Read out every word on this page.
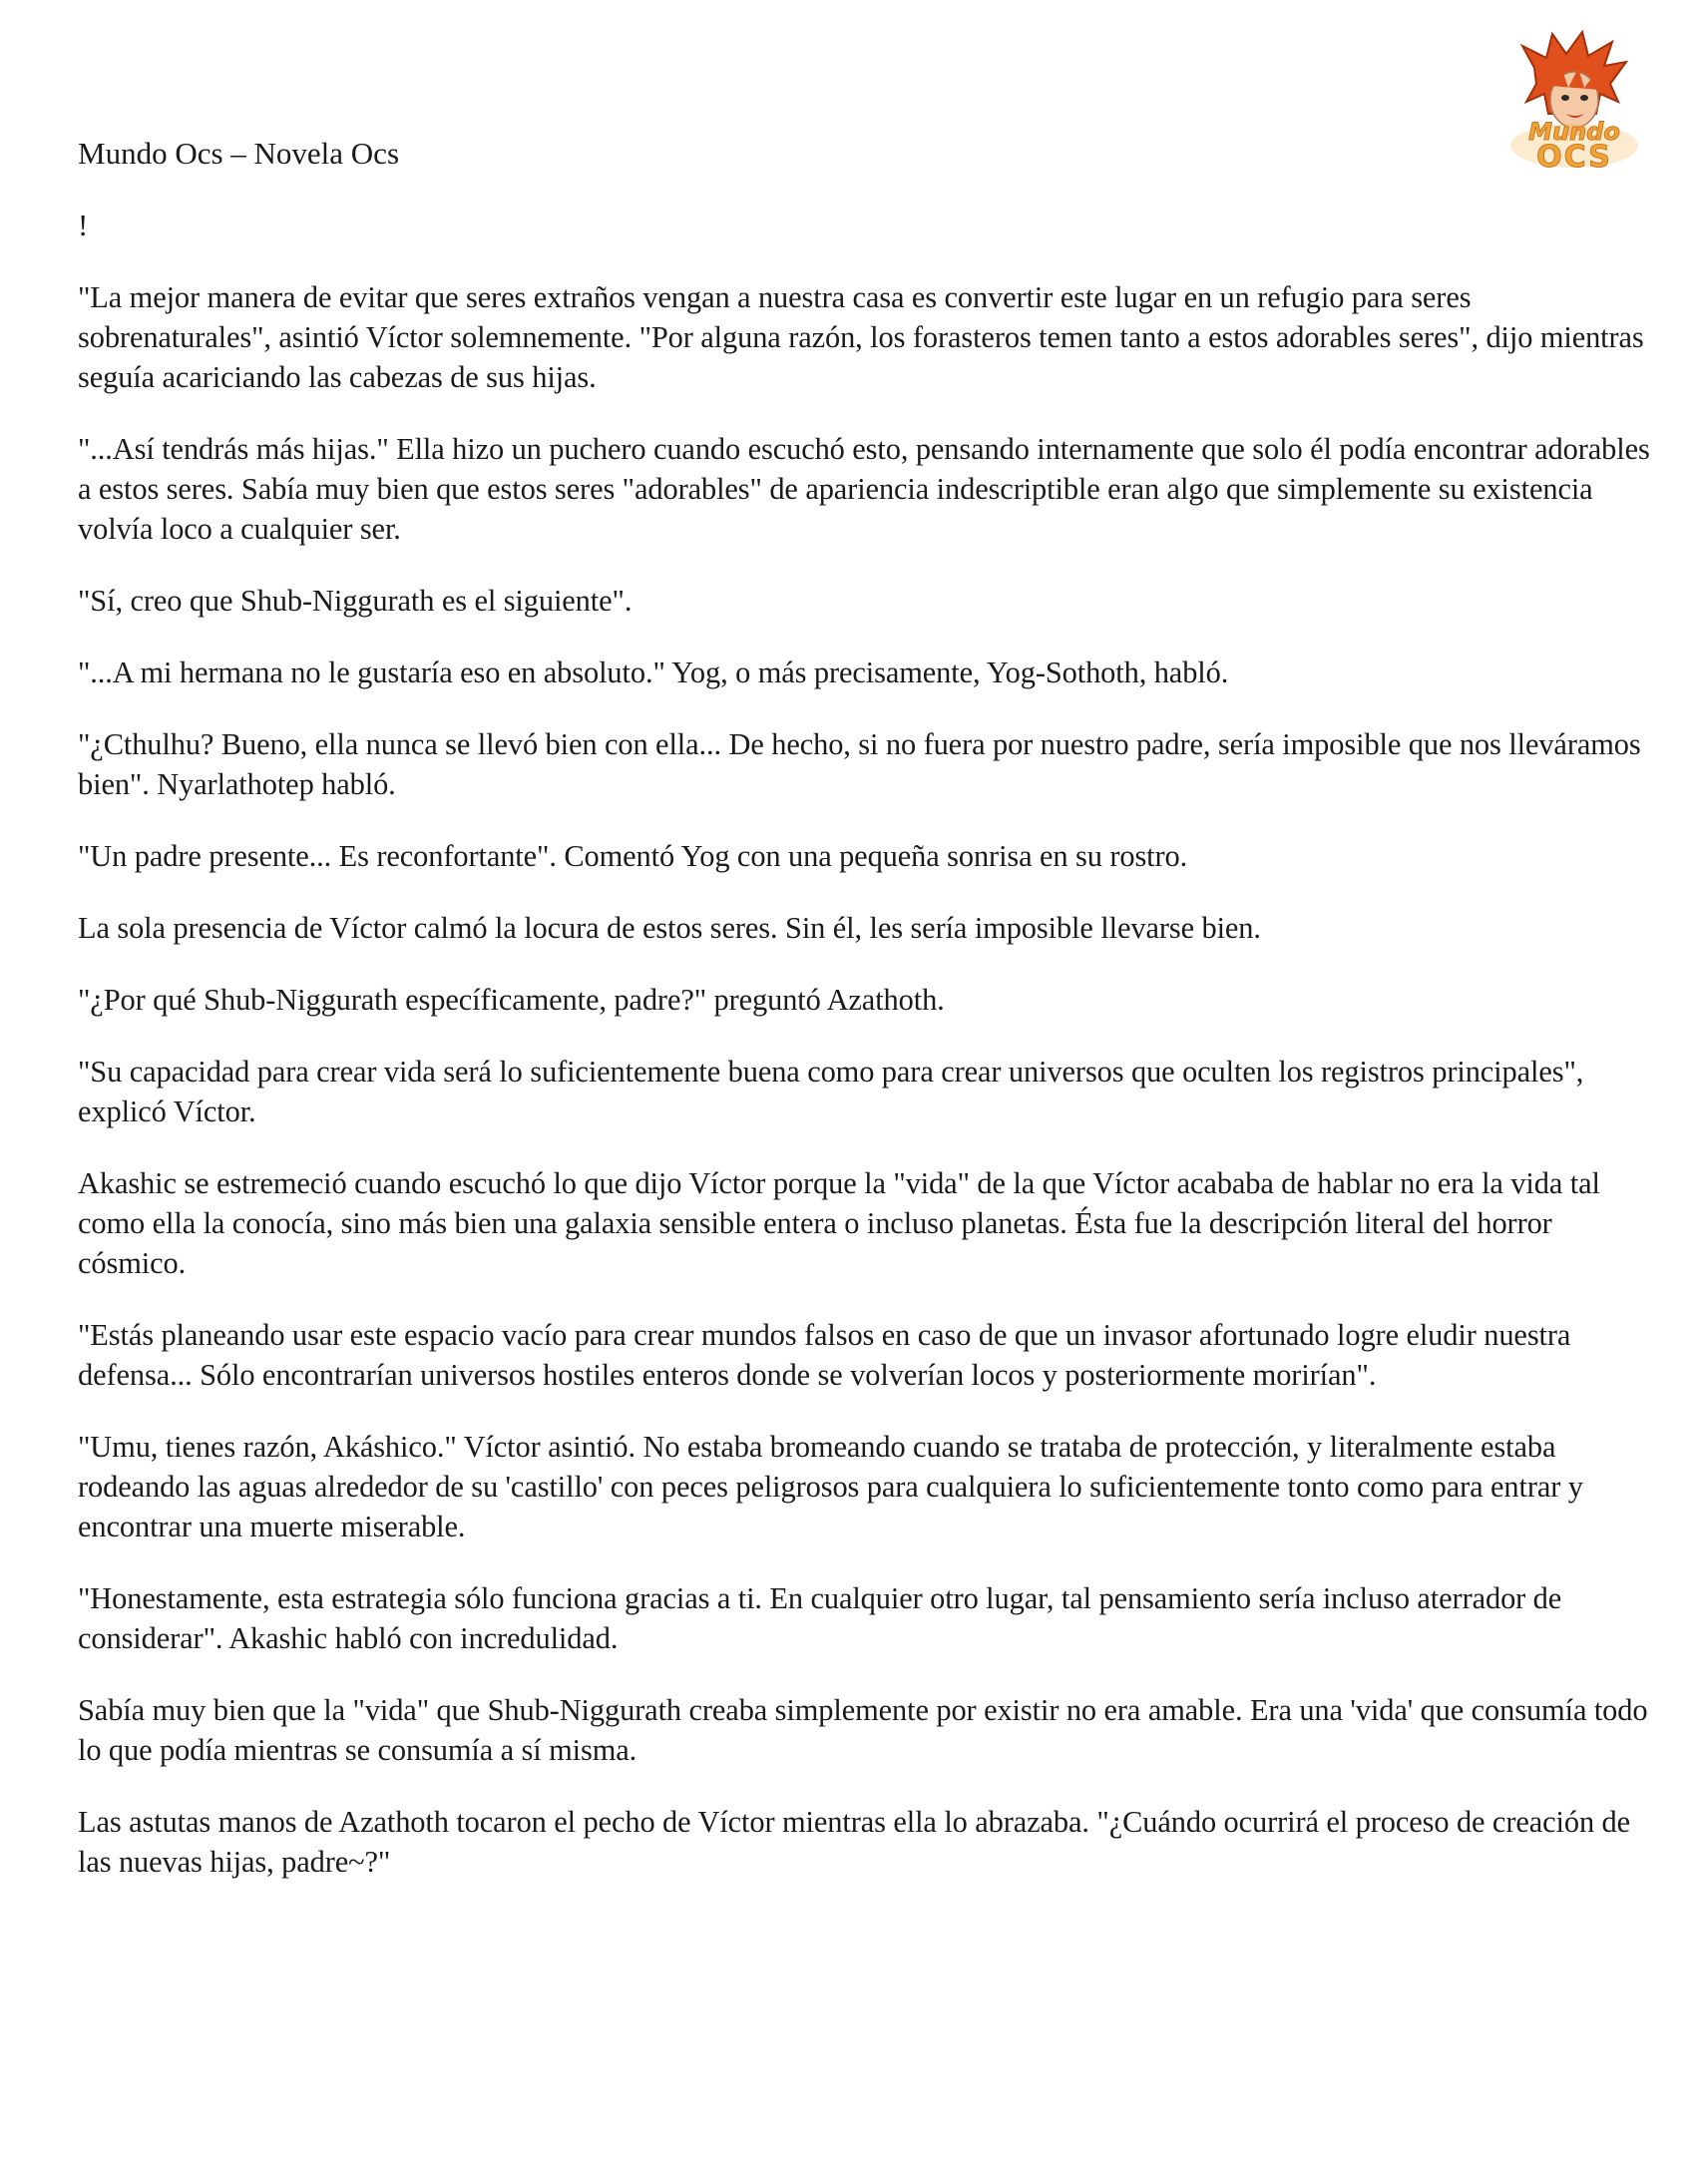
Mundo
OCS
Mundo Ocs – Novela Ocs
!

"La mejor manera de evitar que seres extraños vengan a nuestra casa es convertir este lugar en un refugio para seres sobrenaturales", asintió Víctor solemnemente. "Por alguna razón, los forasteros temen tanto a estos adorables seres", dijo mientras seguía acariciando las cabezas de sus hijas.

"...Así tendrás más hijas." Ella hizo un puchero cuando escuchó esto, pensando internamente que solo él podía encontrar adorables a estos seres. Sabía muy bien que estos seres "adorables" de apariencia indescriptible eran algo que simplemente su existencia volvía loco a cualquier ser.

"Sí, creo que Shub-Niggurath es el siguiente".

"...A mi hermana no le gustaría eso en absoluto." Yog, o más precisamente, Yog-Sothoth, habló.

"¿Cthulhu? Bueno, ella nunca se llevó bien con ella... De hecho, si no fuera por nuestro padre, sería imposible que nos lleváramos bien". Nyarlathotep habló.

"Un padre presente... Es reconfortante". Comentó Yog con una pequeña sonrisa en su rostro.

La sola presencia de Víctor calmó la locura de estos seres. Sin él, les sería imposible llevarse bien.

"¿Por qué Shub-Niggurath específicamente, padre?" preguntó Azathoth.

"Su capacidad para crear vida será lo suficientemente buena como para crear universos que oculten los registros principales", explicó Víctor.

Akashic se estremeció cuando escuchó lo que dijo Víctor porque la "vida" de la que Víctor acababa de hablar no era la vida tal como ella la conocía, sino más bien una galaxia sensible entera o incluso planetas. Ésta fue la descripción literal del horror cósmico.

"Estás planeando usar este espacio vacío para crear mundos falsos en caso de que un invasor afortunado logre eludir nuestra defensa... Sólo encontrarían universos hostiles enteros donde se volverían locos y posteriormente morirían".

"Umu, tienes razón, Akáshico." Víctor asintió. No estaba bromeando cuando se trataba de protección, y literalmente estaba rodeando las aguas alrededor de su 'castillo' con peces peligrosos para cualquiera lo suficientemente tonto como para entrar y encontrar una muerte miserable.

"Honestamente, esta estrategia sólo funciona gracias a ti. En cualquier otro lugar, tal pensamiento sería incluso aterrador de considerar". Akashic habló con incredulidad.

Sabía muy bien que la "vida" que Shub-Niggurath creaba simplemente por existir no era amable. Era una 'vida' que consumía todo lo que podía mientras se consumía a sí misma.

Las astutas manos de Azathoth tocaron el pecho de Víctor mientras ella lo abrazaba. "¿Cuándo ocurrirá el proceso de creación de las nuevas hijas, padre~?"
